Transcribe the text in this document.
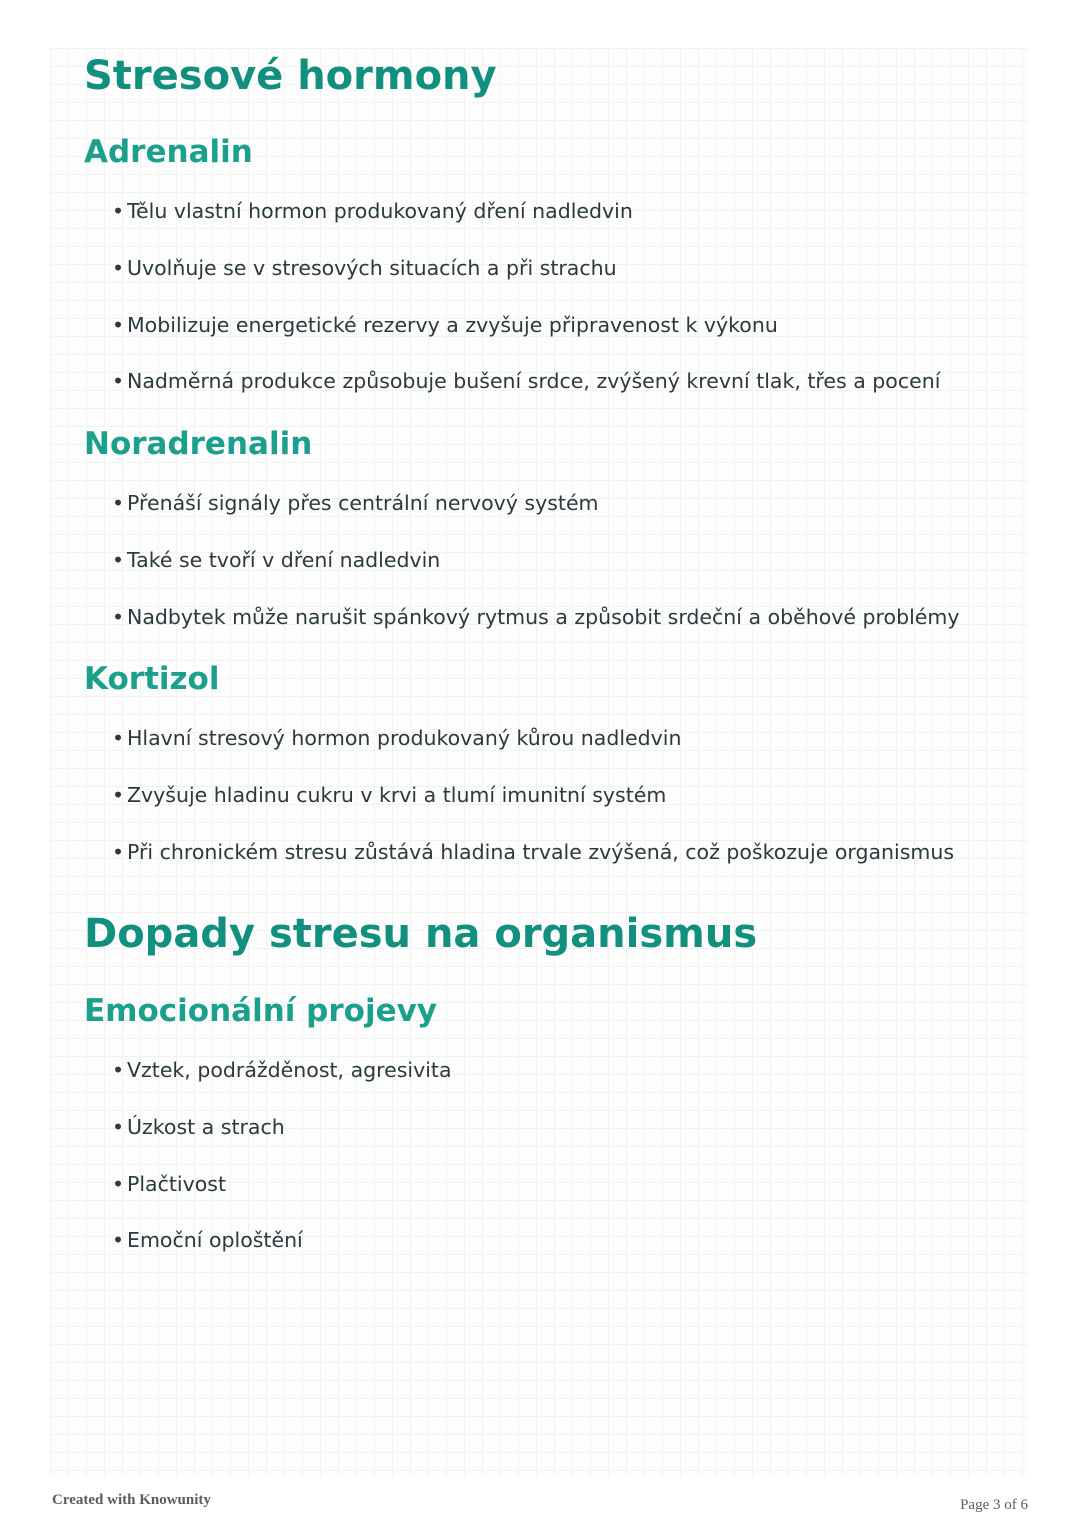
Stresové hormony
Adrenalin
• Tělu vlastní hormon produkovaný dření nadledvin
• Uvolňuje se v stresových situacích a při strachu
• Mobilizuje energetické rezervy a zvyšuje připravenost k výkonu
• Nadměrná produkce způsobuje bušení srdce, zvýšený krevní tlak, třes a pocení
Noradrenalin
• Přenáší signály přes centrální nervový systém
• Také se tvoří v dření nadledvin
• Nadbytek může narušit spánkový rytmus a způsobit srdeční a oběhové problémy
Kortizol
• Hlavní stresový hormon produkovaný kůrou nadledvin
• Zvyšuje hladinu cukru v krvi a tlumí imunitní systém
• Při chronickém stresu zůstává hladina trvale zvýšená, což poškozuje organismus
Dopady stresu na organismus
Emocionální projevy
• Vztek, podrážděnost, agresivita
• Úzkost a strach
• Plačtivost
• Emoční oploštění
Created with Knowunity	Page 3 of 6
